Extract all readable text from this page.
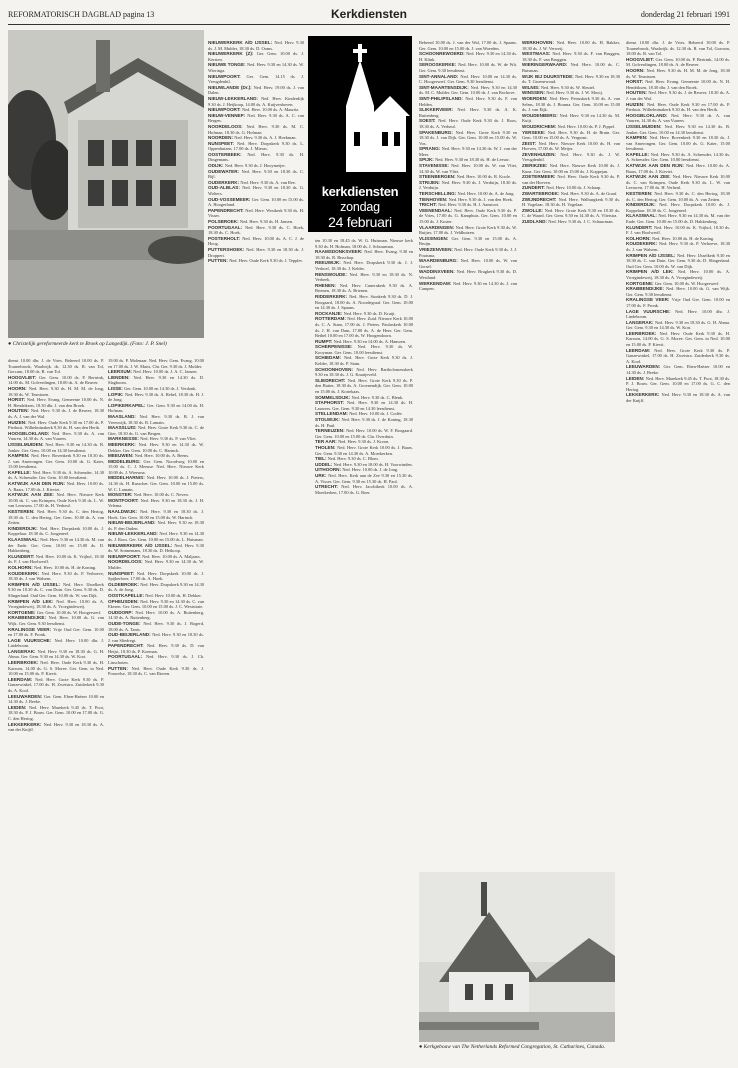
REFORMATORISCH DAGBLAD pagina 13	Kerkdiensten	donderdag 21 februari 1991
● Christelijk gereformeerde kerk te Broek op Langedijk. (Foto: J. P. Snel)
kerkdiensten
zondag
24 februari
● Kerkgebouw van The Netherlands Reformed Congregation, St. Catharines, Canada.

dienst 10.00 dhr. J. de Vries. Beheerd 10.00 ds. P. Tournebrook, Waalwijk. ds. 12.30 ds. R. van Tol, Gorcum, 18.00 ds. R. van Tol.

HOOGVLIET: Ger. Gem. 10.00 ds. P. Bertrink, 14.00 ds. M. Golverdingen, 18.00 ds. A. de Reuver.

HOORN: Ned. Herv. 9.30 ds. H. M. M. de Jong, 18.30 ds. W. Teunissen.

HORST: Ned. Herv. Evang. Gemeente 10.00 ds. N. H. Hendriksen, 18.30 dhr. J. van den Broek.

HOUTEN: Ned. Herv. 9.30 ds. J. de Reuver, 18.30 ds. A. J. van der Wal.

HUIZEN: Ned. Herv. Oude Kerk 9.30 en 17.00 ds. P. Pierhuis. Wilhelminakerk 9.30 ds. H. van den Herik.

HOOGBLOKLAND: Ned. Herv. 9.30 ds. A. van Vuuren, 14.30 ds. A. van Vuuren.

IJSSELMUIDEN: Ned. Herv. 9.30 en 14.30 ds. B. Jonker. Ger. Gem. 10.00 en 14.30 leesdienst.

KAMPEN: Ned. Herv. Bovenkerk 9.30 en 18.30 ds. J. van Amerongen. Ger. Gem. 10.00 ds. G. Kater, 15.00 leesdienst.

KAPELLE: Ned. Herv. 9.30 ds. A. Schreuder, 14.30 ds. A. Schreuder. Ger. Gem. 10.00 leesdienst.

KATWIJK AAN DEN RIJN: Ned. Herv. 10.00 ds. A. Baars, 17.00 ds. J. Kieviet.

KATWIJK AAN ZEE: Ned. Herv. Nieuwe Kerk 10.00 ds. C. van Krimpen, Oude Kerk 9.30 ds. L. W. van Leeuwen, 17.00 ds. H. Verheul.

KESTEREN: Ned. Herv. 9.30 ds. C. den Hertog, 18.30 ds. C. den Hertog. Ger. Gem. 10.00 ds. A. van Zetten.

KINDERDIJK: Ned. Herv. Dorpskerk 10.00 ds. J. Koppelaar. 18.30 ds. C. Jongeneel.

KLAASWAAL: Ned. Herv. 9.30 en 14.30 ds. M. van der Ende. Ger. Gem. 10.00 en 15.00 ds. D. Hakkenberg.

KLUNDERT: Ned. Herv. 10.00 ds. K. Vrijhof, 18.30 ds. F. J. van Hoolwerff.

KOLHORN: Ned. Herv. 10.00 ds. H. de Koning.

KOUDEKERK: Ned. Herv. 9.30 ds. P. Verhoeve, 18.30 ds. J. van Walsem.

KRIMPEN A/D IJSSEL: Ned. Herv. IJsselkerk 9.30 en 18.30 ds. C. van Duin. Ger. Gem. 9.30 ds. D. Slingerland. Oud Ger. Gem. 10.00 ds. W. van Dijk.

KRIMPEN A/D LEK: Ned. Herv. 10.00 ds. A. Vroegindeweij, 18.30 ds. A. Vroegindeweij.

KORTGENE: Ger. Gem. 10.00 ds. W. Hoogerwerf.

KRABBENDIJKE: Ned. Herv. 10.00 ds. G. van Wijk. Ger. Gem. 9.30 leesdienst.

KRALINGSE VEER: Vrije Oud Ger. Gem. 10.00 en 17.00 ds. F. Pronk.

LAGE VUURSCHE: Ned. Herv. 10.00 dhr. J. Lindeboom.

LANGERAK: Ned. Herv. 9.30 en 18.30 ds. G. H. Abma. Ger. Gem. 9.30 en 14.30 ds. W. Kort.

LEERBROEK: Ned. Herv. Oude Kerk 9.30 ds. H. Karssen, 14.00 ds. G. S. Moree. Ger. Gem. in Ned. 10.00 en 15.00 ds. P. Kievit.

LEERDAM: Ned. Herv. Grote Kerk 9.30 ds. P. Ganzewinkel, 17.00 ds. H. Zweistra. Zuiderkerk 9.30 ds. A. Kool.

LEEUWARDEN: Ger. Gem. Eben-Haëzer 10.00 en 14.30 ds. J. Beeke.

LEIDEN: Ned. Herv. Marekerk 9.45 ds. T. Poot, 18.30 ds. P. J. Bouw. Ger. Gem. 10.00 en 17.00 ds. G. C. den Hertog.

LEKKERKERK: Ned. Herv. 9.30 en 18.30 ds. A. van der Knijff.

19.00 ds. P. Molenaar. Ned. Herv. Gem. Evang. 10.00 en 17.00 ds. J. W. Maris. Chr. Ger. 9.30 ds. J. Mulder.

LEERSUM: Ned. Herv. 10.00 ds. J. A. C. Jansen.

LIENDEN: Ned. Herv. 9.30 en 14.30 ds. D. Slagboom.

LISSE: Ger. Gem. 10.00 en 14.30 ds. J. Verdonk.

LOPIK: Ned. Herv. 9.30 ds. A. Rebel, 18.30 ds. H. J. de Jong.

LOPIKERKAPEL: Ger. Gem. 9.30 en 14.00 ds. H. Hofman.

MAASLAND: Ned. Herv. 9.30 ds. B. J. van Vreeswijk, 18.30 ds. B. Lamain.

MAASSLUIS: Ned. Herv. Grote Kerk 9.30 ds. C. de Gier, 18.30 ds. G. van Bergen.

MARKNESSE: Ned. Herv. 9.30 ds. P. van Vliet.

MEERKERK: Ned. Herv. 9.30 en 14.30 ds. W. Dekker. Ger. Gem. 10.00 ds. C. Harinck.

MEEUWEN: Ned. Herv. 10.00 ds. A. Beens.

MIDDELBURG: Ger. Gem. Noordweg 10.00 en 15.00 ds. C. J. Meeuse. Ned. Herv. Nieuwe Kerk 10.00 ds. J. Wiersma.

MIDDELHARNIS: Ned. Herv. 10.00 ds. J. Pieters, 14.30 ds. H. Russcher. Ger. Gem. 10.00 en 15.00 ds. W. C. Lamain.

MONSTER: Ned. Herv. 10.00 ds. C. Neven.

MONTFOORT: Ned. Herv. 9.30 en 18.30 ds. J. H. Velema.

NAALDWIJK: Ned. Herv. 9.30 en 18.30 ds. J. Hoek. Ger. Gem. 10.00 en 15.00 ds. W. Harinck.

NIEUW-BEIJERLAND: Ned. Herv. 9.30 en 18.30 ds. P. den Ouden.

NIEUW-LEKKERLAND: Ned. Herv. 9.30 en 14.30 ds. J. Roos. Ger. Gem. 10.00 en 15.00 ds. L. Huisman.

NIEUWERKERK A/D IJSSEL: Ned. Herv. 9.30 ds. W. Sonnemans, 18.30 ds. D. Heikoop.

NIEUWPOORT: Ned. Herv. 10.00 ds. A. Maljaars.

NOORDELOOS: Ned. Herv. 9.30 en 14.30 ds. W. Mulder.

NUNSPEET: Ned. Herv. Dorpskerk 10.00 ds. J. Spijkerboer, 17.00 ds. A. Hoek.

OLDEBROEK: Ned. Herv. Dorpskerk 9.30 en 14.30 ds. A. de Jong.

OOSTKAPELLE: Ned. Herv. 10.00 ds. H. Dekker.

OPHEUSDEN: Ned. Herv. 9.30 en 14.30 ds. C. van Ekeren. Ger. Gem. 10.00 en 15.00 ds. J. C. Weststrate.

OUDDORP: Ned. Herv. 10.00 ds. A. Ruitenberg, 14.30 ds. A. Ruitenberg.

OUDE-TONGE: Ned. Herv. 9.30 ds. J. Bogerd, 18.00 ds. A. Tanis.

OUD-BEIJERLAND: Ned. Herv. 9.30 en 18.30 ds. J. van Sliedregt.

PAPENDRECHT: Ned. Herv. 9.30 ds. D. van Heijst, 18.30 ds. P. Koeman.

POORTUGAAL: Ned. Herv. 9.30 ds. J. Ch. Linschoten.

PUTTEN: Ned. Herv. Oude Kerk 9.30 ds. J. Pouwelse, 18.30 ds. C. van Ekeren.

NIEUWERKERK A/D IJSSEL: Ned. Herv. 9.30 ds. J. M. Mulder, 18.30 ds. D. Ooms.

NIEUWERKERK (Z): Ger. Gem. 10.00 ds. J. Kersten.

NIEUWE TONGE: Ned. Herv. 9.30 en 14.30 ds. W. Wieringa.

NIEUWPOORT: Ger. Gem. 14.15 ds. J. Vreugdenhil.

NIEUWLANDE (Dr.): Ned. Herv. 19.00 ds. J. van Dalen.

NIEUW-LEKKERLAND: Ned. Herv. Kinderdijk 9.30 ds. J. Heijkoop, 14.00 ds. A. Kuijvenhoven.

NIEUWPOORT: Ned. Herv. 10.00 ds. A. Mauritz.

NIEUW-VENNEP: Ned. Herv. 9.30 ds. A. C. van Bergen.

NOORDELOOS: Ned. Herv. 9.30 ds. M. C. Hofman, 18.30 ds. G. Hofman.

NOORDEN: Ned. Herv. 9.30 ds. A. J. Hoekman.

NUNSPEET: Ned. Herv. Dorpskerk 9.30 ds. L. Oppenhuizen, 17.00 ds. J. Mieras.

OOSTERBEEK: Ned. Herv. 9.30 ds. H. Dingemans.

ODIJK: Ned. Herv. 9.30 ds. J. Hooymeijer.

OUDEWATER: Ned. Herv. 9.30 en 18.30 ds. C. Bijl.

OUDERKERK: Ned. Herv. 9.30 ds. A. van Ree.

OUD-ALBLAS: Ned. Herv. 9.30 en 18.30 ds. G. Wolters.

OUD-VOSSEMEER: Ger. Gem. 10.00 en 15.00 ds. A. Hoogerland.

PAPENDRECHT: Ned. Herv. Westkerk 9.30 ds. H. Visser.

POLSBROEK: Ned. Herv. 9.30 ds. H. Jansen.

POORTUGAAL: Ned. Herv. 9.30 ds. C. Hoek, 18.30 ds. C. Hoek.

POSTERHOLT: Ned. Herv. 10.00 ds. A. C. J. de Hoog.

PUTTERSHOEK: Ned. Herv. 9.30 en 18.30 ds. J. Droppert.

PUTTEN: Ned. Herv. Oude Kerk 9.30 ds. J. Teppler.

ten 10.30 en 18.45 ds. W. G. Huisman. Nieuwe kerk 9.30 ds. H. Hofman, 18.00 ds. J. Schuurman.

RAAMSDONKSVEER: Ned. Herv. Evang. 9.30 en 18.30 ds. R. Bisschop.

REEUWIJK: Ned. Herv. Dorpskerk 9.30 ds. J. J. Verhoef, 18.30 ds. J. Kelder.

RENSWOUDE: Ned. Herv. 9.30 en 18.30 ds. N. Verbeek.

RHENEN: Ned. Herv. Cunerakerk 9.30 ds. A. Brienen, 18.30 ds. A. Brienen.

RIDDERKERK: Ned. Herv. Sionkerk 9.30 ds. D. J. Boogaard, 18.00 ds. A. Noordegraaf. Ger. Gem. 10.00 en 14.30 ds. J. Spaans.

ROCKANJE: Ned. Herv. 9.30 ds. D. Kruijt.

ROTTERDAM: Ned. Herv. Zuid. Nieuwe Kerk 10.00 ds. C. A. Stam, 17.00 ds. J. Pieters. Pauluskerk 10.00 ds. J. H. van Dam, 17.00 ds. A. de Heer. Ger. Gem. Bethel 10.00 en 17.00 ds. W. Hoogendoorn.

RUMPT: Ned. Herv. 9.30 en 14.00 ds. A. Hamoen.

SCHERPENISSE: Ned. Herv. 9.30 ds. W. Kooyman. Ger. Gem. 10.00 leesdienst.

SCHIEDAM: Ned. Herv. Grote Kerk 9.30 ds. J. Kelder, 18.30 ds. P. Stam.

SCHOONHOVEN: Ned. Herv. Bartholomeuskerk 9.30 en 18.30 ds. J. G. Kraaijeveld.

SLIEDRECHT: Ned. Herv. Grote Kerk 9.30 ds. P. den Butter, 18.30 ds. A. Groenendijk. Ger. Gem. 10.00 en 15.00 ds. J. Kortekaas.

SOMMELSDIJK: Ned. Herv. 9.30 ds. C. Blenk.

STAPHORST: Ned. Herv. 9.30 en 14.30 ds. H. Lauwers. Ger. Gem. 9.30 en 14.30 leesdienst.

STELLENDAM: Ned. Herv. 10.00 ds. J. Codée.

STOLWIJK: Ned. Herv. 9.30 ds. J. de Koning, 18.30 ds. H. Paul.

TERNEUZEN: Ned. Herv. 10.00 ds. W. F. Boogaard. Ger. Gem. 10.00 en 15.00 ds. Chr. Overduin.

TER AAR: Ned. Herv. 9.30 ds. J. Kroon.

THOLEN: Ned. Herv. Grote Kerk 10.00 ds. J. Baars. Ger. Gem. 9.30 en 14.30 ds. A. Moerkerken.

TIEL: Ned. Herv. 9.30 ds. C. Blom.

UDDEL: Ned. Herv. 9.30 en 18.00 ds. H. Voorwinden.

UITHOORN: Ned. Herv. 10.00 ds. J. de Jong.

URK: Ned. Herv. Kerk aan de Zee 9.30 en 15.30 ds. A. Visser. Ger. Gem. 9.30 en 15.30 ds. H. Paul.

UTRECHT: Ned. Herv. Jacobikerk 10.00 ds. A. Moerkerken, 17.00 ds. G. Boer.

Beheerd 10.00 ds. J. van der Wal, 17.00 ds. J. Spaans. Ger. Gem. 10.00 en 15.00 ds. J. van Woerden.

SCHOONREWOERD: Ned. Herv. 9.30 en 14.30 ds. H. Klink.

SEROOSKERKE: Ned. Herv. 10.00 ds. W. de Wit. Ger. Gem. 9.30 leesdienst.

SINT-ANNALAND: Ned. Herv. 10.00 en 14.30 ds. C. Hoogerwerf. Ger. Gem. 9.30 leesdienst.

SINT-MAARTENSDIJK: Ned. Herv. 9.30 en 14.30 ds. M. C. Mulder. Ger. Gem. 10.00 ds. J. van Bochove.

SINT-PHILIPSLAND: Ned. Herv. 9.30 ds. F. van Helden.

SLIKKERVEER: Ned. Herv. 9.30 ds. A. K. Ruitenberg.

SOEST: Ned. Herv. Oude Kerk 9.30 ds. J. Roos, 18.30 ds. A. Verheul.

SPAKENBURG: Ned. Herv. Grote Kerk 9.30 en 18.30 ds. J. van Dijk. Ger. Gem. 10.00 en 15.00 ds. W. Vos.

SPRANG: Ned. Herv. 9.30 en 14.30 ds. W. J. van der Meer.

SPIJK: Ned. Herv. 9.30 en 18.30 ds. H. de Leeuw.

STAVENISSE: Ned. Herv. 10.00 ds. W. van Vliet, 14.30 ds. W. van Vliet.

STEENBERGEN: Ned. Herv. 10.00 ds. R. Koole.

STRIJEN: Ned. Herv. 9.30 ds. J. Verduijn, 18.30 ds. J. Verduijn.

TERSCHELLING: Ned. Herv. 10.00 ds. A. de Jong.

TIENHOVEN: Ned. Herv. 9.30 ds. J. van den Hoek.

TRICHT: Ned. Herv. 9.30 ds. H. J. Aanstoot.

VEENENDAAL: Ned. Herv. Oude Kerk 9.30 ds. P. de Vries, 17.00 ds. G. Kamphuis. Ger. Gem. 10.00 en 15.00 ds. J. Koster.

VLAARDINGEN: Ned. Herv. Grote Kerk 9.30 ds. W. Ruijter, 17.00 ds. J. Veldhuizen.

VLISSINGEN: Ger. Gem. 9.30 en 15.00 ds. A. Bruijn.

VRIEZENVEEN: Ned. Herv. Oude Kerk 9.30 ds. J. J. Poutsma.

WAARDENBURG: Ned. Herv. 10.00 ds. W. van Gorsel.

WADDINXVEEN: Ned. Herv. Brugkerk 9.30 ds. D. Westland.

WERKENDAM: Ned. Herv. 9.30 en 14.30 ds. J. van Campen.

WERKHOVEN: Ned. Herv. 10.00 ds. H. Bakker, 18.30 ds. J. W. Verweij.

WESTMAAS: Ned. Herv. 9.30 ds. F. van Bruggen, 18.30 ds. F. van Bruggen.

WIERINGERWAARD: Ned. Herv. 10.00 ds. C. Buisman.

WIJK BIJ DUURSTEDE: Ned. Herv. 9.30 en 18.30 ds. T. Groenewoud.

WILNIS: Ned. Herv. 9.30 ds. W. Sleutel.

WINSSEN: Ned. Herv. 9.30 ds. J. W. Mooij.

WOERDEN: Ned. Herv. Petruskerk 9.30 ds. A. van Selms, 18.30 ds. J. Bouma. Ger. Gem. 10.00 en 15.00 ds. J. van Eijk.

WOUDENBERG: Ned. Herv. 9.30 en 14.30 ds. M. Kuijt.

WOUDRICHEM: Ned. Herv. 10.00 ds. P. J. Pippel.

YERSEKE: Ned. Herv. 9.30 ds. H. de Bruin. Ger. Gem. 10.00 en 15.00 ds. A. Vergunst.

ZEIST: Ned. Herv. Nieuwe Kerk 10.00 ds. H. van Hoeven, 17.00 ds. W. Meijer.

ZEVENHUIZEN: Ned. Herv. 9.30 ds. J. W. Vreugdenhil.

ZIERIKZEE: Ned. Herv. Nieuwe Kerk 10.00 ds. J. Kunz. Ger. Gem. 10.00 en 15.00 ds. J. Koppejan.

ZOETERMEER: Ned. Herv. Oude Kerk 9.30 ds. P. van der Hoeven.

ZUNDERT: Ned. Herv. 10.00 ds. J. Schaap.

ZWARTEBROEK: Ned. Herv. 9.30 ds. A. de Graaf.

ZWIJNDRECHT: Ned. Herv. Walburgkerk 9.30 ds. H. Vogelaar, 18.30 ds. H. Vogelaar.

ZWOLLE: Ned. Herv. Grote Kerk 9.30 en 18.30 ds. C. de Waard. Ger. Gem. 9.30 en 14.30 ds. A. Vlietstra.

ZUIDLAND: Ned. Herv. 9.30 ds. J. C. Schuurman.

dienst 10.00 dhr. J. de Vries. Beheerd 10.00 ds. P. Tournebrook, Waalwijk. ds. 12.30 ds. R. van Tol, Gorcum, 18.00 ds. R. van Tol.

HOOGVLIET: Ger. Gem. 10.00 ds. P. Bertrink, 14.00 ds. M. Golverdingen, 18.00 ds. A. de Reuver.

HOORN: Ned. Herv. 9.30 ds. H. M. M. de Jong, 18.30 ds. W. Teunissen.

HORST: Ned. Herv. Evang. Gemeente 10.00 ds. N. H. Hendriksen, 18.30 dhr. J. van den Broek.

HOUTEN: Ned. Herv. 9.30 ds. J. de Reuver, 18.30 ds. A. J. van der Wal.

HUIZEN: Ned. Herv. Oude Kerk 9.30 en 17.00 ds. P. Pierhuis. Wilhelminakerk 9.30 ds. H. van den Herik.

HOOGBLOKLAND: Ned. Herv. 9.30 ds. A. van Vuuren, 14.30 ds. A. van Vuuren.

IJSSELMUIDEN: Ned. Herv. 9.30 en 14.30 ds. B. Jonker. Ger. Gem. 10.00 en 14.30 leesdienst.

KAMPEN: Ned. Herv. Bovenkerk 9.30 en 18.30 ds. J. van Amerongen. Ger. Gem. 10.00 ds. G. Kater, 15.00 leesdienst.

KAPELLE: Ned. Herv. 9.30 ds. A. Schreuder, 14.30 ds. A. Schreuder. Ger. Gem. 10.00 leesdienst.

KATWIJK AAN DEN RIJN: Ned. Herv. 10.00 ds. A. Baars, 17.00 ds. J. Kieviet.

KATWIJK AAN ZEE: Ned. Herv. Nieuwe Kerk 10.00 ds. C. van Krimpen, Oude Kerk 9.30 ds. L. W. van Leeuwen, 17.00 ds. H. Verheul.

KESTEREN: Ned. Herv. 9.30 ds. C. den Hertog, 18.30 ds. C. den Hertog. Ger. Gem. 10.00 ds. A. van Zetten.

KINDERDIJK: Ned. Herv. Dorpskerk 10.00 ds. J. Koppelaar. 18.30 ds. C. Jongeneel.

KLAASWAAL: Ned. Herv. 9.30 en 14.30 ds. M. van der Ende. Ger. Gem. 10.00 en 15.00 ds. D. Hakkenberg.

KLUNDERT: Ned. Herv. 10.00 ds. K. Vrijhof, 18.30 ds. F. J. van Hoolwerff.

KOLHORN: Ned. Herv. 10.00 ds. H. de Koning.

KOUDEKERK: Ned. Herv. 9.30 ds. P. Verhoeve, 18.30 ds. J. van Walsem.

KRIMPEN A/D IJSSEL: Ned. Herv. IJsselkerk 9.30 en 18.30 ds. C. van Duin. Ger. Gem. 9.30 ds. D. Slingerland. Oud Ger. Gem. 10.00 ds. W. van Dijk.

KRIMPEN A/D LEK: Ned. Herv. 10.00 ds. A. Vroegindeweij, 18.30 ds. A. Vroegindeweij.

KORTGENE: Ger. Gem. 10.00 ds. W. Hoogerwerf.

KRABBENDIJKE: Ned. Herv. 10.00 ds. G. van Wijk. Ger. Gem. 9.30 leesdienst.

KRALINGSE VEER: Vrije Oud Ger. Gem. 10.00 en 17.00 ds. F. Pronk.

LAGE VUURSCHE: Ned. Herv. 10.00 dhr. J. Lindeboom.

LANGERAK: Ned. Herv. 9.30 en 18.30 ds. G. H. Abma. Ger. Gem. 9.30 en 14.30 ds. W. Kort.

LEERBROEK: Ned. Herv. Oude Kerk 9.30 ds. H. Karssen, 14.00 ds. G. S. Moree. Ger. Gem. in Ned. 10.00 en 15.00 ds. P. Kievit.

LEERDAM: Ned. Herv. Grote Kerk 9.30 ds. P. Ganzewinkel, 17.00 ds. H. Zweistra. Zuiderkerk 9.30 ds. A. Kool.

LEEUWARDEN: Ger. Gem. Eben-Haëzer 10.00 en 14.30 ds. J. Beeke.

LEIDEN: Ned. Herv. Marekerk 9.45 ds. T. Poot, 18.30 ds. P. J. Bouw. Ger. Gem. 10.00 en 17.00 ds. G. C. den Hertog.

LEKKERKERK: Ned. Herv. 9.30 en 18.30 ds. A. van der Knijff.
